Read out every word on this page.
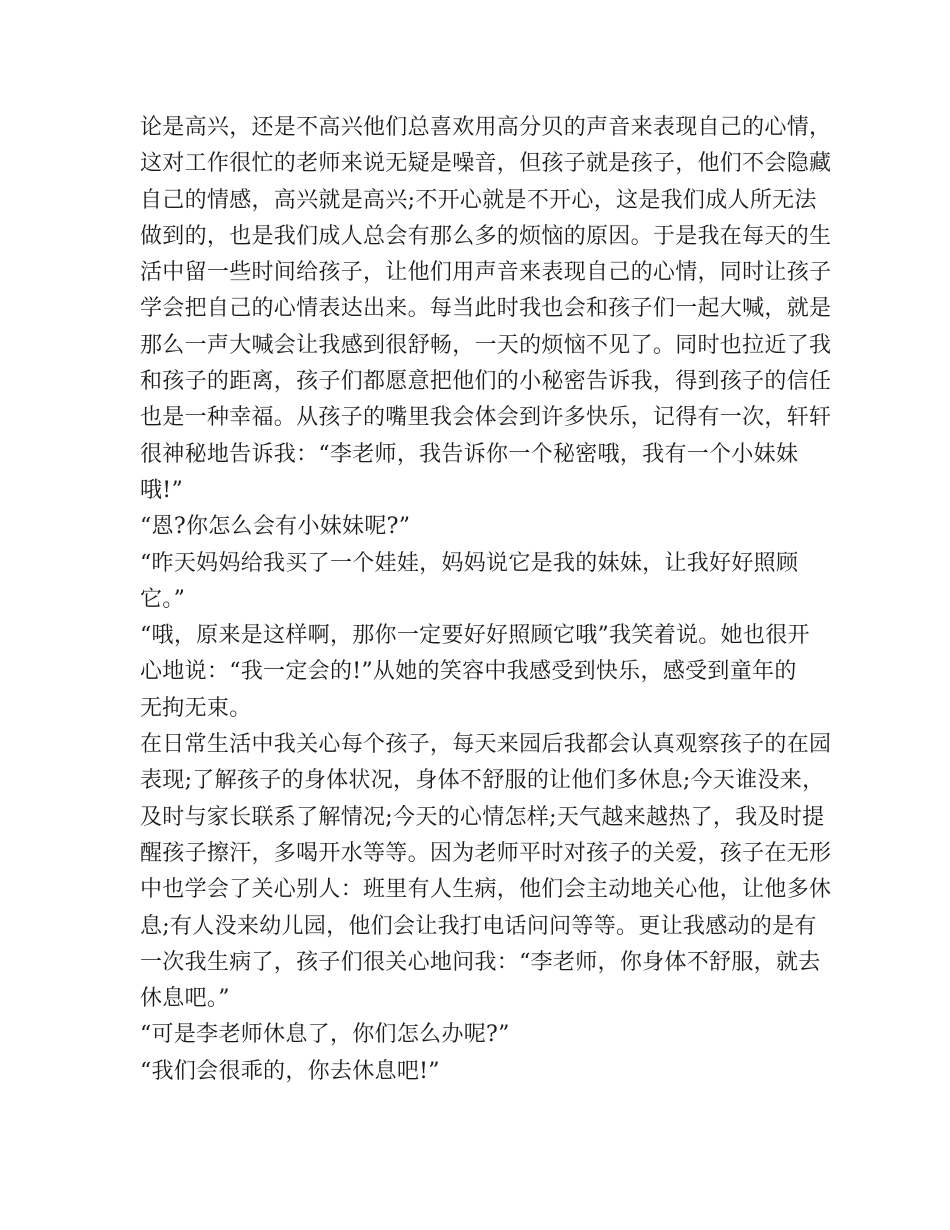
论是高兴，还是不高兴他们总喜欢用高分贝的声音来表现自己的心情，
这对工作很忙的老师来说无疑是噪音，但孩子就是孩子，他们不会隐藏
自己的情感，高兴就是高兴;不开心就是不开心，这是我们成人所无法
做到的，也是我们成人总会有那么多的烦恼的原因。于是我在每天的生
活中留一些时间给孩子，让他们用声音来表现自己的心情，同时让孩子
学会把自己的心情表达出来。每当此时我也会和孩子们一起大喊，就是
那么一声大喊会让我感到很舒畅，一天的烦恼不见了。同时也拉近了我
和孩子的距离，孩子们都愿意把他们的小秘密告诉我，得到孩子的信任
也是一种幸福。从孩子的嘴里我会体会到许多快乐，记得有一次，轩轩
很神秘地告诉我：“李老师，我告诉你一个秘密哦，我有一个小妹妹
哦!”
“恩?你怎么会有小妹妹呢?”
“昨天妈妈给我买了一个娃娃，妈妈说它是我的妹妹，让我好好照顾
它。”
“哦，原来是这样啊，那你一定要好好照顾它哦”我笑着说。她也很开
心地说：“我一定会的!”从她的笑容中我感受到快乐，感受到童年的
无拘无束。
在日常生活中我关心每个孩子，每天来园后我都会认真观察孩子的在园
表现;了解孩子的身体状况，身体不舒服的让他们多休息;今天谁没来，
及时与家长联系了解情况;今天的心情怎样;天气越来越热了，我及时提
醒孩子擦汗，多喝开水等等。因为老师平时对孩子的关爱，孩子在无形
中也学会了关心别人：班里有人生病，他们会主动地关心他，让他多休
息;有人没来幼儿园，他们会让我打电话问问等等。更让我感动的是有
一次我生病了，孩子们很关心地问我：“李老师，你身体不舒服，就去
休息吧。”
“可是李老师休息了，你们怎么办呢?”
“我们会很乖的，你去休息吧!”
